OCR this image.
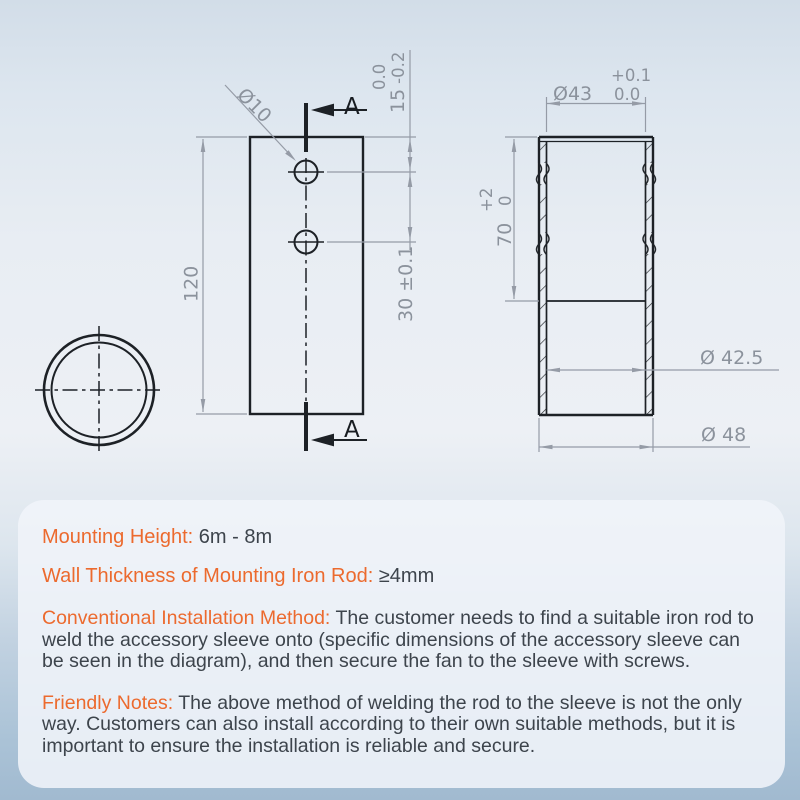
A
A
120
15-0.2
0.0
30 ±0.1
Ø10	Ø43
+0.1
0.0
70
0
+2
Ø 42.5
Ø 48

Mounting Height: 6m - 8m

Wall Thickness of Mounting Iron Rod: ≥4mm

Conventional Installation Method: The customer needs to find a suitable iron rod to weld the accessory sleeve onto (specific dimensions of the accessory sleeve can be seen in the diagram), and then secure the fan to the sleeve with screws.

Friendly Notes: The above method of welding the rod to the sleeve is not the only way. Customers can also install according to their own suitable methods, but it is important to ensure the installation is reliable and secure.
